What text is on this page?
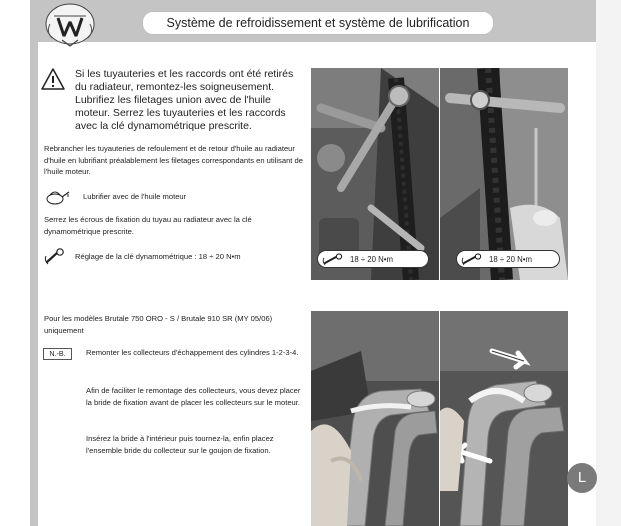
Système de refroidissement et système de lubrification
Si les tuyauteries et les raccords ont été retirés du radiateur, remontez-les soigneusement. Lubrifiez les filetages union avec de l'huile moteur. Serrez les tuyauteries et les raccords avec la clé dynamométrique prescrite.
Rebrancher les tuyauteries de refoulement et de retour d'huile au radiateur d'huile en lubrifiant préalablement les filetages correspondants en utilisant de l'huile moteur.
Lubrifier avec de l'huile moteur
Serrez les écrous de fixation du tuyau au radiateur avec la clé dynamométrique prescrite.
Réglage de la clé dynamométrique : 18 ÷ 20 N•m
Pour les modèles Brutale 750 ORO - S / Brutale 910 SR (MY 05/06) uniquement
N.-B.	Remonter les collecteurs d'échappement des cylindres 1-2-3-4.
Afin de faciliter le remontage des collecteurs, vous devez placer la bride de fixation avant de placer les collecteurs sur le moteur.
Insérez la bride à l'intérieur puis tournez-la, enfin placez l'ensemble bride du collecteur sur le goujon de fixation.
18 ÷ 20 N•m	18 ÷ 20 N•m
L
